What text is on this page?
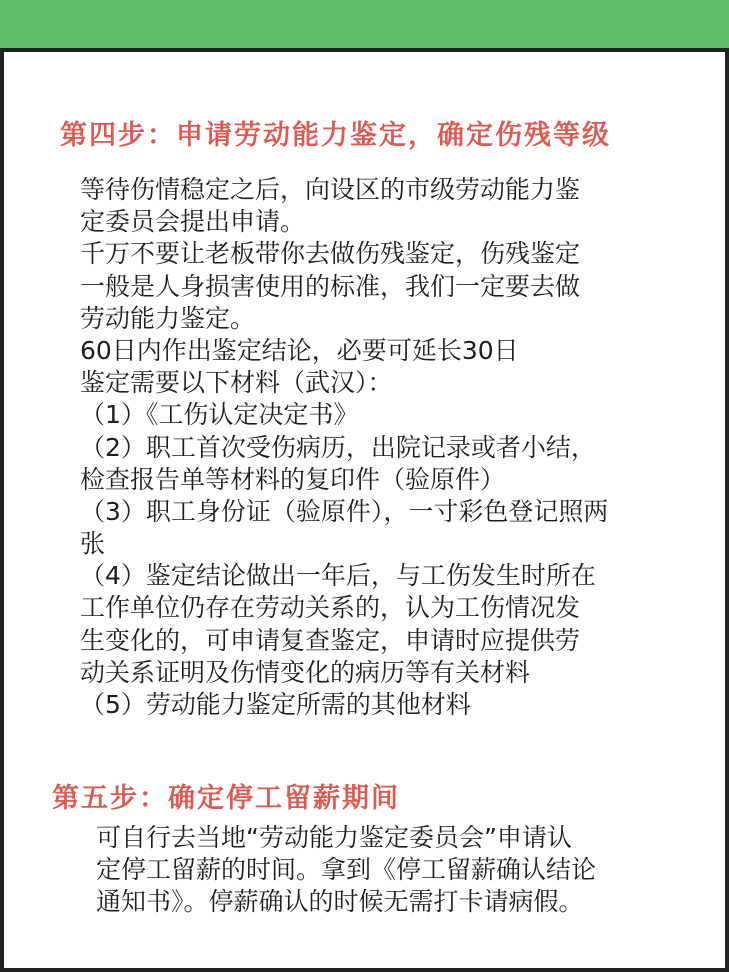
第四步：申请劳动能力鉴定，确定伤残等级
等待伤情稳定之后，向设区的市级劳动能力鉴
定委员会提出申请。
千万不要让老板带你去做伤残鉴定，伤残鉴定
一般是人身损害使用的标准，我们一定要去做
劳动能力鉴定。
60日内作出鉴定结论，必要可延长30日
鉴定需要以下材料（武汉）：
（1）《工伤认定决定书》
（2）职工首次受伤病历，出院记录或者小结，
检查报告单等材料的复印件（验原件）
（3）职工身份证（验原件），一寸彩色登记照两
张
（4）鉴定结论做出一年后，与工伤发生时所在
工作单位仍存在劳动关系的，认为工伤情况发
生变化的，可申请复查鉴定，申请时应提供劳
动关系证明及伤情变化的病历等有关材料
（5）劳动能力鉴定所需的其他材料
第五步：确定停工留薪期间
可自行去当地“劳动能力鉴定委员会”申请认
定停工留薪的时间。拿到《停工留薪确认结论
通知书》。停薪确认的时候无需打卡请病假。
